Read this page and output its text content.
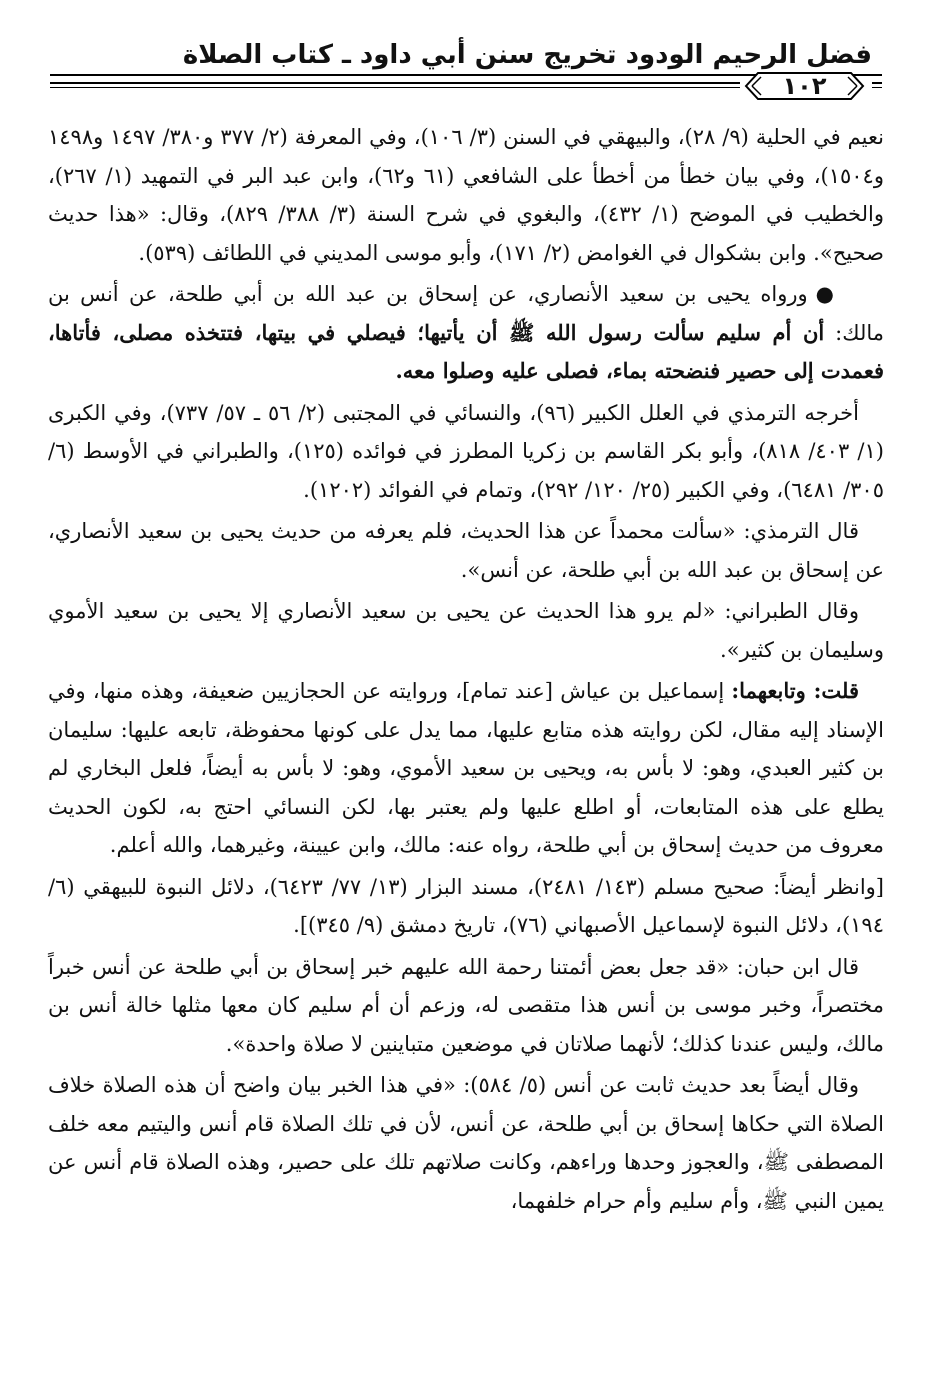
فضل الرحيم الودود تخريج سنن أبي داود ـ كتاب الصلاة
١٠٢

نعيم في الحلية (٩/ ٢٨)، والبيهقي في السنن (٣/ ١٠٦)، وفي المعرفة (٢/ ٣٧٧ و٣٨٠/ ١٤٩٧ و١٤٩٨ و١٥٠٤)، وفي بيان خطأ من أخطأ على الشافعي (٦١ و٦٢)، وابن عبد البر في التمهيد (١/ ٢٦٧)، والخطيب في الموضح (١/ ٤٣٢)، والبغوي في شرح السنة (٣/ ٣٨٨/ ٨٢٩)، وقال: «هذا حديث صحيح». وابن بشكوال في الغوامض (٢/ ١٧١)، وأبو موسى المديني في اللطائف (٥٣٩).

●ورواه يحيى بن سعيد الأنصاري، عن إسحاق بن عبد الله بن أبي طلحة، عن أنس بن مالك: أن أم سليم سألت رسول الله ﷺ أن يأتيها؛ فيصلي في بيتها، فتتخذه مصلى، فأتاها، فعمدت إلى حصير فنضحته بماء، فصلى عليه وصلوا معه.

أخرجه الترمذي في العلل الكبير (٩٦)، والنسائي في المجتبى (٢/ ٥٦ ـ ٥٧/ ٧٣٧)، وفي الكبرى (١/ ٤٠٣/ ٨١٨)، وأبو بكر القاسم بن زكريا المطرز في فوائده (١٢٥)، والطبراني في الأوسط (٦/ ٣٠٥/ ٦٤٨١)، وفي الكبير (٢٥/ ١٢٠/ ٢٩٢)، وتمام في الفوائد (١٢٠٢).

قال الترمذي: «سألت محمداً عن هذا الحديث، فلم يعرفه من حديث يحيى بن سعيد الأنصاري، عن إسحاق بن عبد الله بن أبي طلحة، عن أنس».

وقال الطبراني: «لم يرو هذا الحديث عن يحيى بن سعيد الأنصاري إلا يحيى بن سعيد الأموي وسليمان بن كثير».

قلت: وتابعهما: إسماعيل بن عياش [عند تمام]، وروايته عن الحجازيين ضعيفة، وهذه منها، وفي الإسناد إليه مقال، لكن روايته هذه متابع عليها، مما يدل على كونها محفوظة، تابعه عليها: سليمان بن كثير العبدي، وهو: لا بأس به، ويحيى بن سعيد الأموي، وهو: لا بأس به أيضاً، فلعل البخاري لم يطلع على هذه المتابعات، أو اطلع عليها ولم يعتبر بها، لكن النسائي احتج به، لكون الحديث معروف من حديث إسحاق بن أبي طلحة، رواه عنه: مالك، وابن عيينة، وغيرهما، والله أعلم.

[وانظر أيضاً: صحيح مسلم (١٤٣/ ٢٤٨١)، مسند البزار (١٣/ ٧٧/ ٦٤٢٣)، دلائل النبوة للبيهقي (٦/ ١٩٤)، دلائل النبوة لإسماعيل الأصبهاني (٧٦)، تاريخ دمشق (٩/ ٣٤٥)].

قال ابن حبان: «قد جعل بعض أئمتنا رحمة الله عليهم خبر إسحاق بن أبي طلحة عن أنس خبراً مختصراً، وخبر موسى بن أنس هذا متقصى له، وزعم أن أم سليم كان معها مثلها خالة أنس بن مالك، وليس عندنا كذلك؛ لأنهما صلاتان في موضعين متباينين لا صلاة واحدة».

وقال أيضاً بعد حديث ثابت عن أنس (٥/ ٥٨٤): «في هذا الخبر بيان واضح أن هذه الصلاة خلاف الصلاة التي حكاها إسحاق بن أبي طلحة، عن أنس، لأن في تلك الصلاة قام أنس واليتيم معه خلف المصطفى ﷺ، والعجوز وحدها وراءهم، وكانت صلاتهم تلك على حصير، وهذه الصلاة قام أنس عن يمين النبي ﷺ، وأم سليم وأم حرام خلفهما،
